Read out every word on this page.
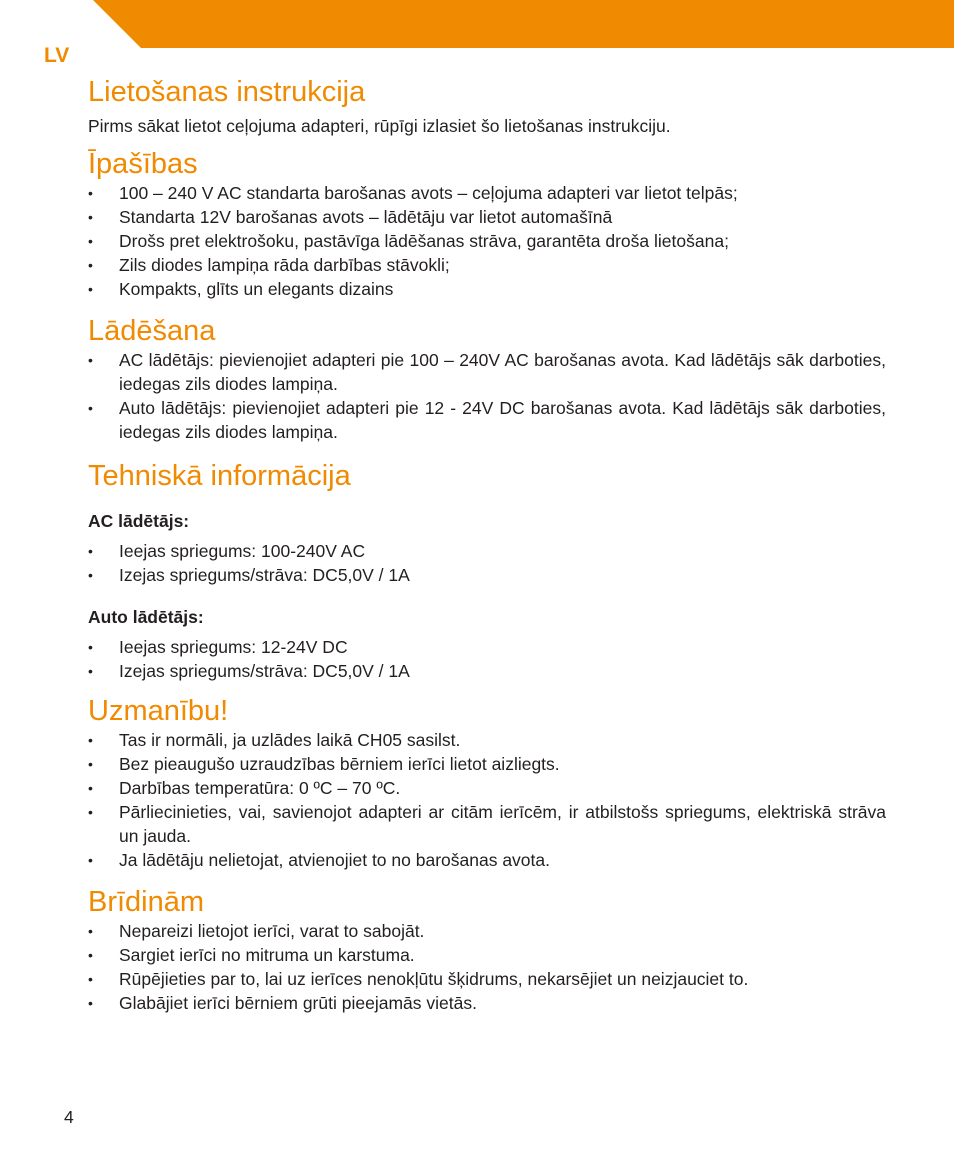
LV
Lietošanas instrukcija

Pirms sākat lietot ceļojuma adapteri, rūpīgi izlasiet šo lietošanas instrukciju.

Īpašības
• 100 – 240 V AC standarta barošanas avots – ceļojuma adapteri var lietot telpās;
• Standarta 12V barošanas avots – lādētāju var lietot automašīnā
• Drošs pret elektrošoku, pastāvīga lādēšanas strāva, garantēta droša lietošana;
• Zils diodes lampiņa rāda darbības stāvokli;
• Kompakts, glīts un elegants dizains
Lādēšana
• AC lādētājs: pievienojiet adapteri pie 100 – 240V AC barošanas avota. Kad lādētājs sāk darboties, iedegas zils diodes lampiņa.
• Auto lādētājs: pievienojiet adapteri pie 12 - 24V DC barošanas avota. Kad lādētājs sāk darboties, iedegas zils diodes lampiņa.
Tehniskā informācija
AC lādētājs:
• Ieejas spriegums: 100-240V AC
• Izejas spriegums/strāva: DC5,0V / 1A
Auto lādētājs:
• Ieejas spriegums: 12-24V DC
• Izejas spriegums/strāva: DC5,0V / 1A
Uzmanību!
• Tas ir normāli, ja uzlādes laikā CH05 sasilst.
• Bez pieaugušo uzraudzības bērniem ierīci lietot aizliegts.
• Darbības temperatūra: 0 ºC – 70 ºC.
• Pārliecinieties, vai, savienojot adapteri ar citām ierīcēm, ir atbilstošs spriegums, elektriskā strāva un jauda.
• Ja lādētāju nelietojat, atvienojiet to no barošanas avota.
Brīdinām
• Nepareizi lietojot ierīci, varat to sabojāt.
• Sargiet ierīci no mitruma un karstuma.
• Rūpējieties par to, lai uz ierīces nenokļūtu šķidrums, nekarsējiet un neizjauciet to.
• Glabājiet ierīci bērniem grūti pieejamās vietās.
4
